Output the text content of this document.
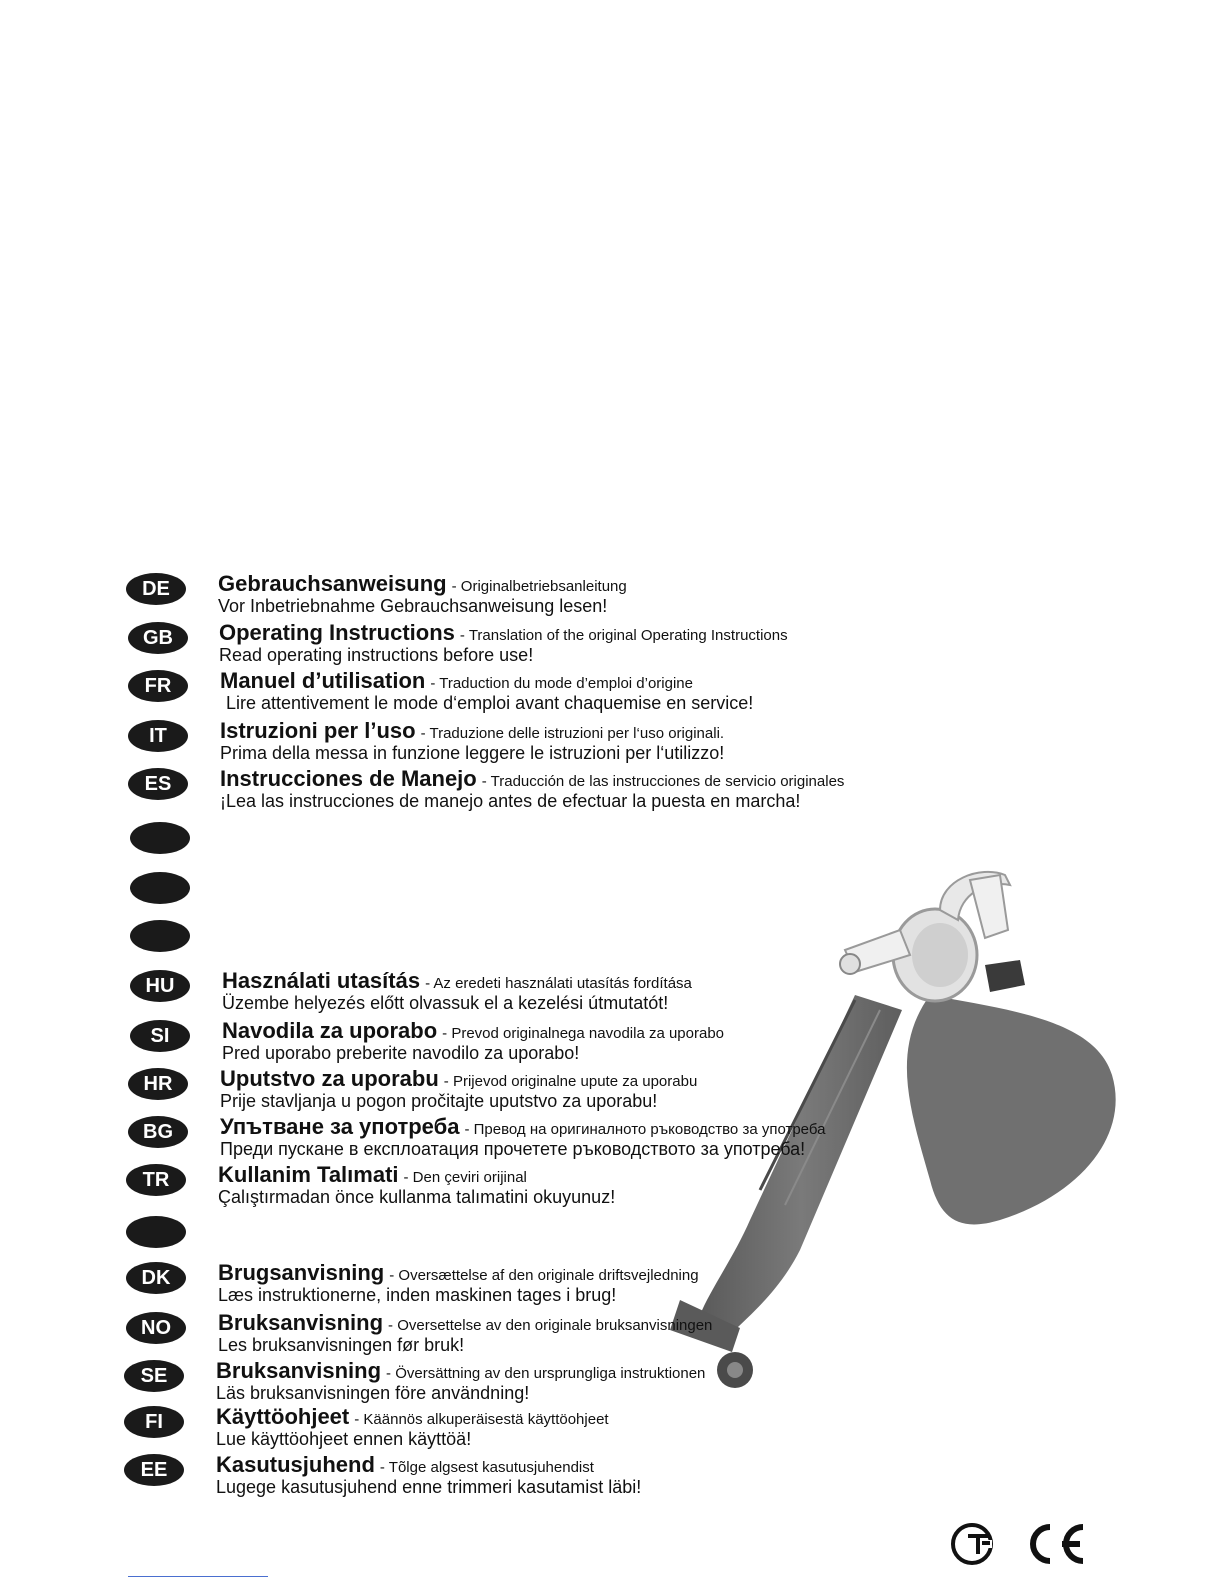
DE	Gebrauchsanweisung - Originalbetriebsanleitung
Vor Inbetriebnahme Gebrauchsanweisung lesen!
GB	Operating Instructions - Translation of the original Operating Instructions
Read operating instructions before use!
FR	Manuel d’utilisation - Traduction du mode d’emploi d’origine
Lire attentivement le mode d‘emploi avant chaquemise en service!
IT	Istruzioni per l’uso - Traduzione delle istruzioni per l‘uso originali.
Prima della messa in funzione leggere le istruzioni per l‘utilizzo!
ES	Instrucciones de Manejo - Traducción de las instrucciones de servicio originales
¡Lea las instrucciones de manejo antes de efectuar la puesta en marcha!
HU	Használati utasítás - Az eredeti használati utasítás fordítása
Üzembe helyezés előtt olvassuk el a kezelési útmutatót!
SI	Navodila za uporabo - Prevod originalnega navodila za uporabo
Pred uporabo preberite navodilo za uporabo!
HR	Uputstvo za uporabu - Prijevod originalne upute za uporabu
Prije stavljanja u pogon pročitajte uputstvo za uporabu!
BG	Упътване за употреба - Превод на оригиналното ръководство за употреба
Преди пускане в експлоатация прочетете ръководството за употреба!
TR	Kullanim Talımati - Den çeviri orijinal
Çalıştırmadan önce kullanma talımatini okuyunuz!
DK	Brugsanvisning - Oversættelse af den originale driftsvejledning
Læs instruktionerne, inden maskinen tages i brug!
NO	Bruksanvisning - Oversettelse av den originale bruksanvisningen
Les bruksanvisningen før bruk!
SE	Bruksanvisning - Översättning av den ursprungliga instruktionen
Läs bruksanvisningen före användning!
FI	Käyttöohjeet - Käännös alkuperäisestä käyttöohjeet
Lue käyttöohjeet ennen käyttöä!
EE	Kasutusjuhend - Tõlge algsest kasutusjuhendist
Lugege kasutusjuhend enne trimmeri kasutamist läbi!
